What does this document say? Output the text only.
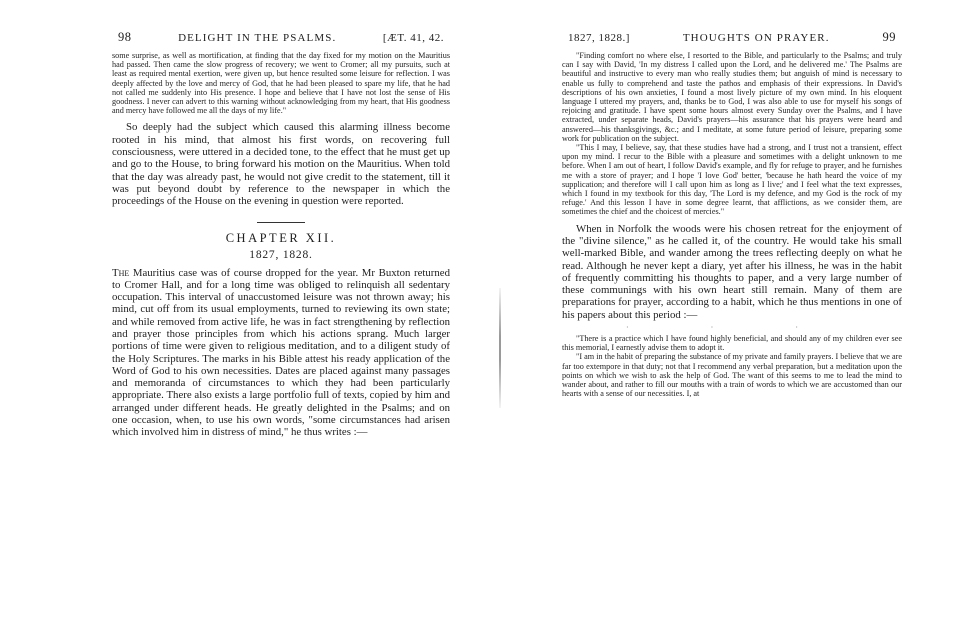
98	DELIGHT IN THE PSALMS.	[ÆT. 41, 42.

some surprise, as well as mortification, at finding that the day fixed for my motion on the Mauritius had passed. Then came the slow progress of recovery; we went to Cromer; all my pursuits, such at least as required mental exertion, were given up, but hence resulted some leisure for reflection. I was deeply affected by the love and mercy of God, that he had been pleased to spare my life, that he had not called me suddenly into His presence. I hope and believe that I have not lost the sense of His goodness. I never can advert to this warning without acknowledging from my heart, that His goodness and mercy have followed me all the days of my life."

So deeply had the subject which caused this alarming illness become rooted in his mind, that almost his first words, on recovering full consciousness, were uttered in a decided tone, to the effect that he must get up and go to the House, to bring forward his motion on the Mauritius. When told that the day was already past, he would not give credit to the statement, till it was put beyond doubt by reference to the newspaper in which the proceedings of the House on the evening in question were reported.

CHAPTER XII.

1827, 1828.

The Mauritius case was of course dropped for the year. Mr Buxton returned to Cromer Hall, and for a long time was obliged to relinquish all sedentary occupation. This interval of unaccustomed leisure was not thrown away; his mind, cut off from its usual employments, turned to reviewing its own state; and while removed from active life, he was in fact strengthening by reflection and prayer those principles from which his actions sprang. Much larger portions of time were given to religious meditation, and to a diligent study of the Holy Scriptures. The marks in his Bible attest his ready application of the Word of God to his own necessities. Dates are placed against many passages and memoranda of circumstances to which they had been particularly appropriate. There also exists a large portfolio full of texts, copied by him and arranged under different heads. He greatly delighted in the Psalms; and on one occasion, when, to use his own words, "some circumstances had arisen which involved him in distress of mind," he thus writes :—

1827, 1828.]	THOUGHTS ON PRAYER.	99

"Finding comfort no where else, I resorted to the Bible, and particularly to the Psalms; and truly can I say with David, 'In my distress I called upon the Lord, and he delivered me.' The Psalms are beautiful and instructive to every man who really studies them; but anguish of mind is necessary to enable us fully to comprehend and taste the pathos and emphasis of their expressions. In David's descriptions of his own anxieties, I found a most lively picture of my own mind. In his eloquent language I uttered my prayers, and, thanks be to God, I was also able to use for myself his songs of rejoicing and gratitude. I have spent some hours almost every Sunday over the Psalms, and I have extracted, under separate heads, David's prayers—his assurance that his prayers were heard and answered—his thanksgivings, &c.; and I meditate, at some future period of leisure, preparing some work for publication on the subject.

"This I may, I believe, say, that these studies have had a strong, and I trust not a transient, effect upon my mind. I recur to the Bible with a pleasure and sometimes with a delight unknown to me before. When I am out of heart, I follow David's example, and fly for refuge to prayer, and he furnishes me with a store of prayer; and I hope 'I love God' better, 'because he hath heard the voice of my supplication; and therefore will I call upon him as long as I live;' and I feel what the text expresses, which I found in my textbook for this day, 'The Lord is my defence, and my God is the rock of my refuge.' And this lesson I have in some degree learnt, that afflictions, as we consider them, are sometimes the chief and the choicest of mercies."

When in Norfolk the woods were his chosen retreat for the enjoyment of the "divine silence," as he called it, of the country. He would take his small well-marked Bible, and wander among the trees reflecting deeply on what he read. Although he never kept a diary, yet after his illness, he was in the habit of frequently committing his thoughts to paper, and a very large number of these communings with his own heart still remain. Many of them are preparations for prayer, according to a habit, which he thus mentions in one of his papers about this period :—

· · ·

"There is a practice which I have found highly beneficial, and should any of my children ever see this memorial, I earnestly advise them to adopt it.

"I am in the habit of preparing the substance of my private and family prayers. I believe that we are far too extempore in that duty; not that I recommend any verbal preparation, but a meditation upon the points on which we wish to ask the help of God. The want of this seems to me to lead the mind to wander about, and rather to fill our mouths with a train of words to which we are accustomed than our hearts with a sense of our necessities. I, at
